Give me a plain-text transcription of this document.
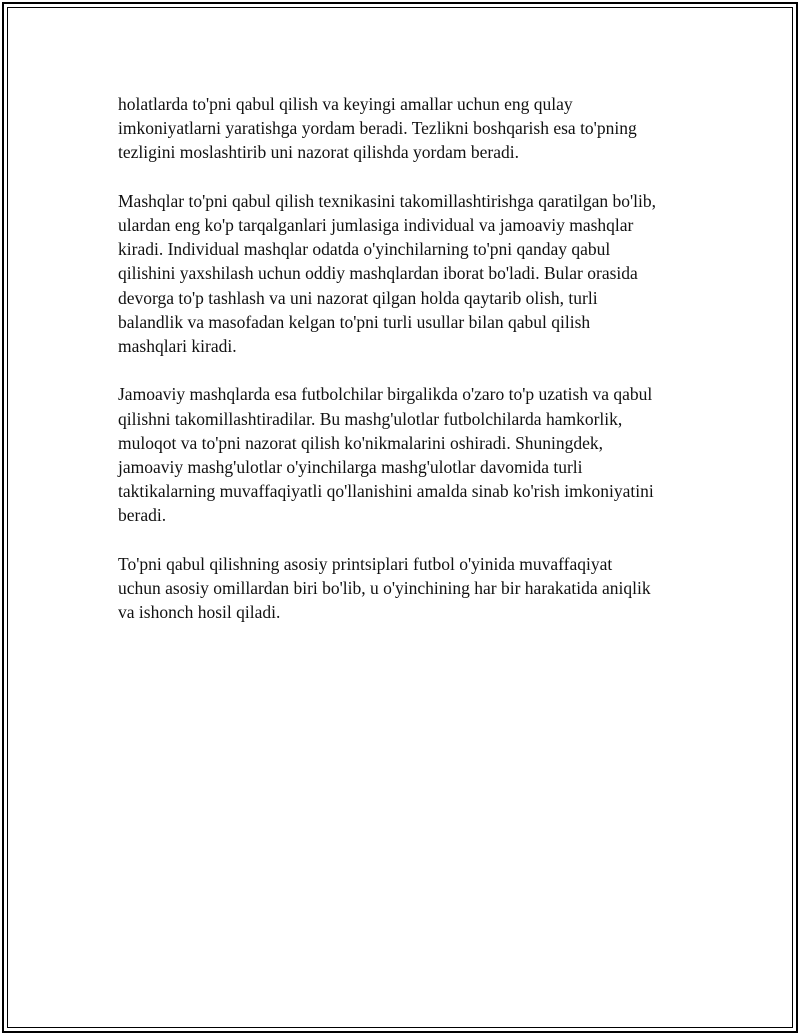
holatlarda to'pni qabul qilish va keyingi amallar uchun eng qulay
imkoniyatlarni yaratishga yordam beradi. Tezlikni boshqarish esa to'pning
tezligini moslashtirib uni nazorat qilishda yordam beradi.

Mashqlar to'pni qabul qilish texnikasini takomillashtirishga qaratilgan bo'lib,
ulardan eng ko'p tarqalganlari jumlasiga individual va jamoaviy mashqlar
kiradi. Individual mashqlar odatda o'yinchilarning to'pni qanday qabul
qilishini yaxshilash uchun oddiy mashqlardan iborat bo'ladi. Bular orasida
devorga to'p tashlash va uni nazorat qilgan holda qaytarib olish, turli
balandlik va masofadan kelgan to'pni turli usullar bilan qabul qilish
mashqlari kiradi.

Jamoaviy mashqlarda esa futbolchilar birgalikda o'zaro to'p uzatish va qabul
qilishni takomillashtiradilar. Bu mashg'ulotlar futbolchilarda hamkorlik,
muloqot va to'pni nazorat qilish ko'nikmalarini oshiradi. Shuningdek,
jamoaviy mashg'ulotlar o'yinchilarga mashg'ulotlar davomida turli
taktikalarning muvaffaqiyatli qo'llanishini amalda sinab ko'rish imkoniyatini
beradi.

To'pni qabul qilishning asosiy printsiplari futbol o'yinida muvaffaqiyat
uchun asosiy omillardan biri bo'lib, u o'yinchining har bir harakatida aniqlik
va ishonch hosil qiladi.
